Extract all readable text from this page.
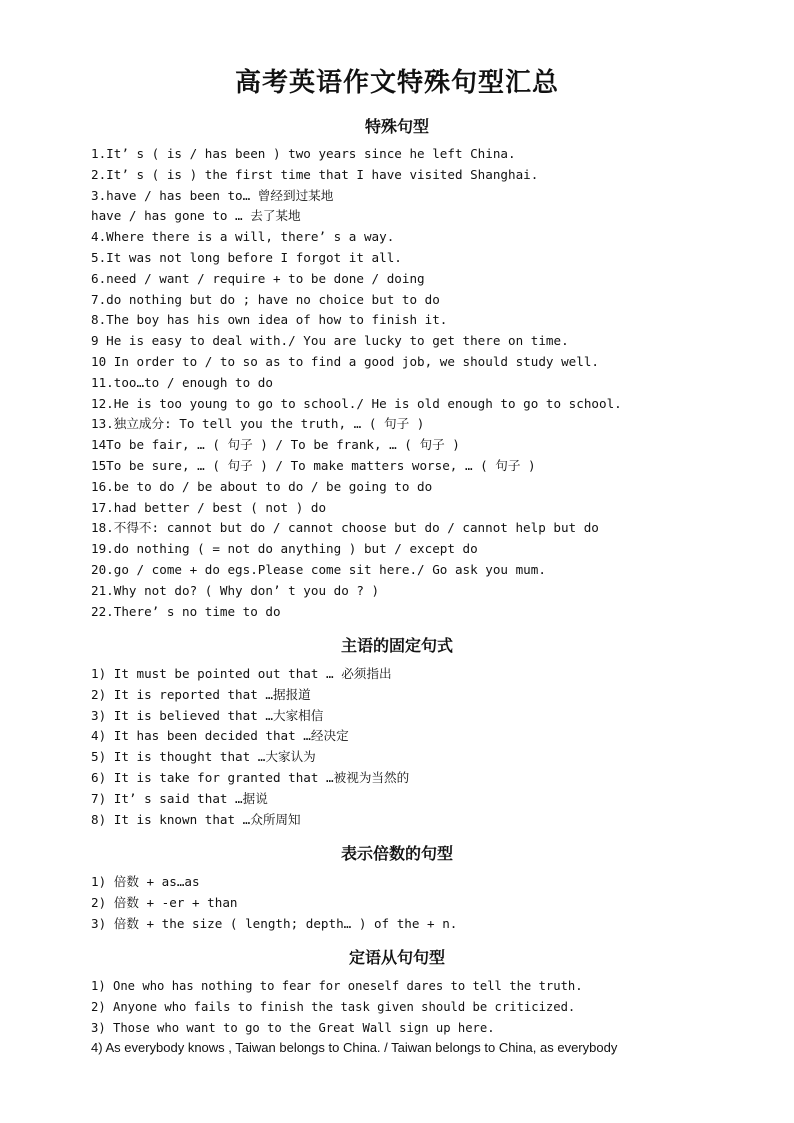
高考英语作文特殊句型汇总
特殊句型
1.It’ s ( is / has been ) two years since he left China.
2.It’ s ( is ) the first time that I have visited Shanghai.
3.have / has been to… 曾经到过某地
have / has gone to … 去了某地
4.Where there is a will, there’ s a way.
5.It was not long before I forgot it all.
6.need / want / require + to be done / doing
7.do nothing but do ; have no choice but to do
8.The boy has his own idea of how to finish it.
9 He is easy to deal with./ You are lucky to get there on time.
10 In order to / to so as to find a good job, we should study well.
11.too…to / enough to do
12.He is too young to go to school./ He is old enough to go to school.
13.独立成分: To tell you the truth, … ( 句子 )
14To be fair, … ( 句子 ) / To be frank, … ( 句子 )
15To be sure, … ( 句子 ) / To make matters worse, … ( 句子 )
16.be to do / be about to do / be going to do
17.had better / best ( not ) do
18.不得不: cannot but do / cannot choose but do / cannot help but do
19.do nothing ( = not do anything ) but / except do
20.go / come + do egs.Please come sit here./ Go ask you mum.
21.Why not do? ( Why don’ t you do ? )
22.There’ s no time to do
主语的固定句式
1) It must be pointed out that … 必须指出
2) It is reported that …据报道
3) It is believed that …大家相信
4) It has been decided that …经决定
5) It is thought that …大家认为
6) It is take for granted that …被视为当然的
7) It’ s said that …据说
8) It is known that …众所周知
表示倍数的句型
1) 倍数 + as…as
2) 倍数 + -er + than
3) 倍数 + the size ( length; depth… ) of the + n.
定语从句句型
1) One who has nothing to fear for oneself dares to tell the truth.
2) Anyone who fails to finish the task given should be criticized.
3) Those who want to go to the Great Wall sign up here.
4) As everybody knows , Taiwan belongs to China. / Taiwan belongs to China, as everybody
